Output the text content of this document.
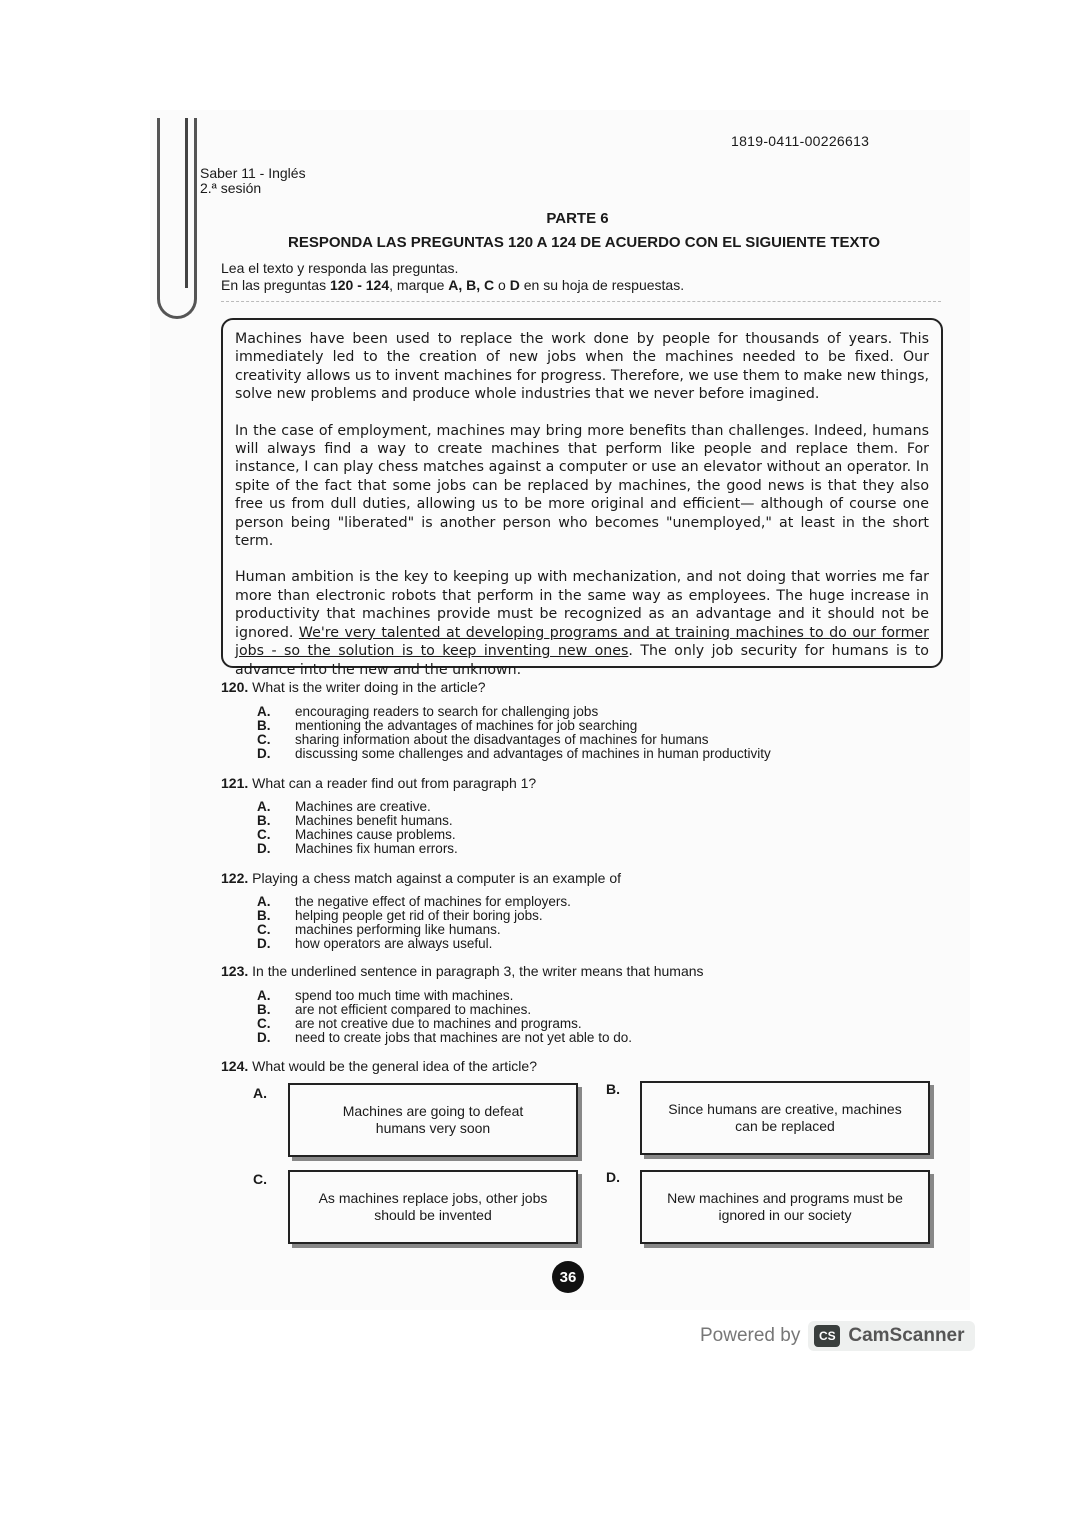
1819-0411-00226613
Saber 11 - Inglés
2.ª sesión
PARTE 6
RESPONDA LAS PREGUNTAS 120 A 124 DE ACUERDO CON EL SIGUIENTE TEXTO
Lea el texto y responda las preguntas.
En las preguntas 120 - 124, marque A, B, C o D en su hoja de respuestas.

Machines have been used to replace the work done by people for thousands of years. This immediately led to the creation of new jobs when the machines needed to be fixed. Our creativity allows us to invent machines for progress. Therefore, we use them to make new things, solve new problems and produce whole industries that we never before imagined.

In the case of employment, machines may bring more benefits than challenges. Indeed, humans will always find a way to create machines that perform like people and replace them. For instance, I can play chess matches against a computer or use an elevator without an operator. In spite of the fact that some jobs can be replaced by machines, the good news is that they also free us from dull duties, allowing us to be more original and efficient— although of course one person being "liberated" is another person who becomes "unemployed," at least in the short term.

Human ambition is the key to keeping up with mechanization, and not doing that worries me far more than electronic robots that perform in the same way as employees. The huge increase in productivity that machines provide must be recognized as an advantage and it should not be ignored. We're very talented at developing programs and at training machines to do our former jobs - so the solution is to keep inventing new ones. The only job security for humans is to advance into the new and the unknown.

120. What is the writer doing in the article?
A.	encouraging readers to search for challenging jobs
B.	mentioning the advantages of machines for job searching
C.	sharing information about the disadvantages of machines for humans
D.	discussing some challenges and advantages of machines in human productivity
121. What can a reader find out from paragraph 1?
A.	Machines are creative.
B.	Machines benefit humans.
C.	Machines cause problems.
D.	Machines fix human errors.
122. Playing a chess match against a computer is an example of
A.	the negative effect of machines for employers.
B.	helping people get rid of their boring jobs.
C.	machines performing like humans.
D.	how operators are always useful.
123. In the underlined sentence in paragraph 3, the writer means that humans
A.	spend too much time with machines.
B.	are not efficient compared to machines.
C.	are not creative due to machines and programs.
D.	need to create jobs that machines are not yet able to do.
124. What would be the general idea of the article?
A.
Machines are going to defeat humans very soon
B.
Since humans are creative, machines can be replaced
C.
As machines replace jobs, other jobs should be invented
D.
New machines and programs must be ignored in our society
36
Powered by	CS CamScanner
